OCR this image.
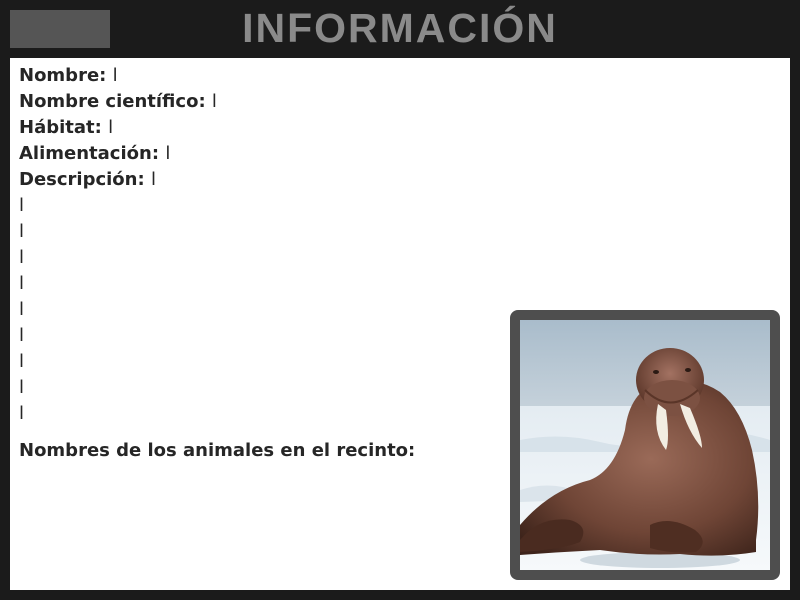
INFORMACIÓN
Nombre: l
Nombre científico: l
Hábitat: l
Alimentación: l
Descripción: l
l
l
l
l
l
l
l
l
l
Nombres de los animales en el recinto:
